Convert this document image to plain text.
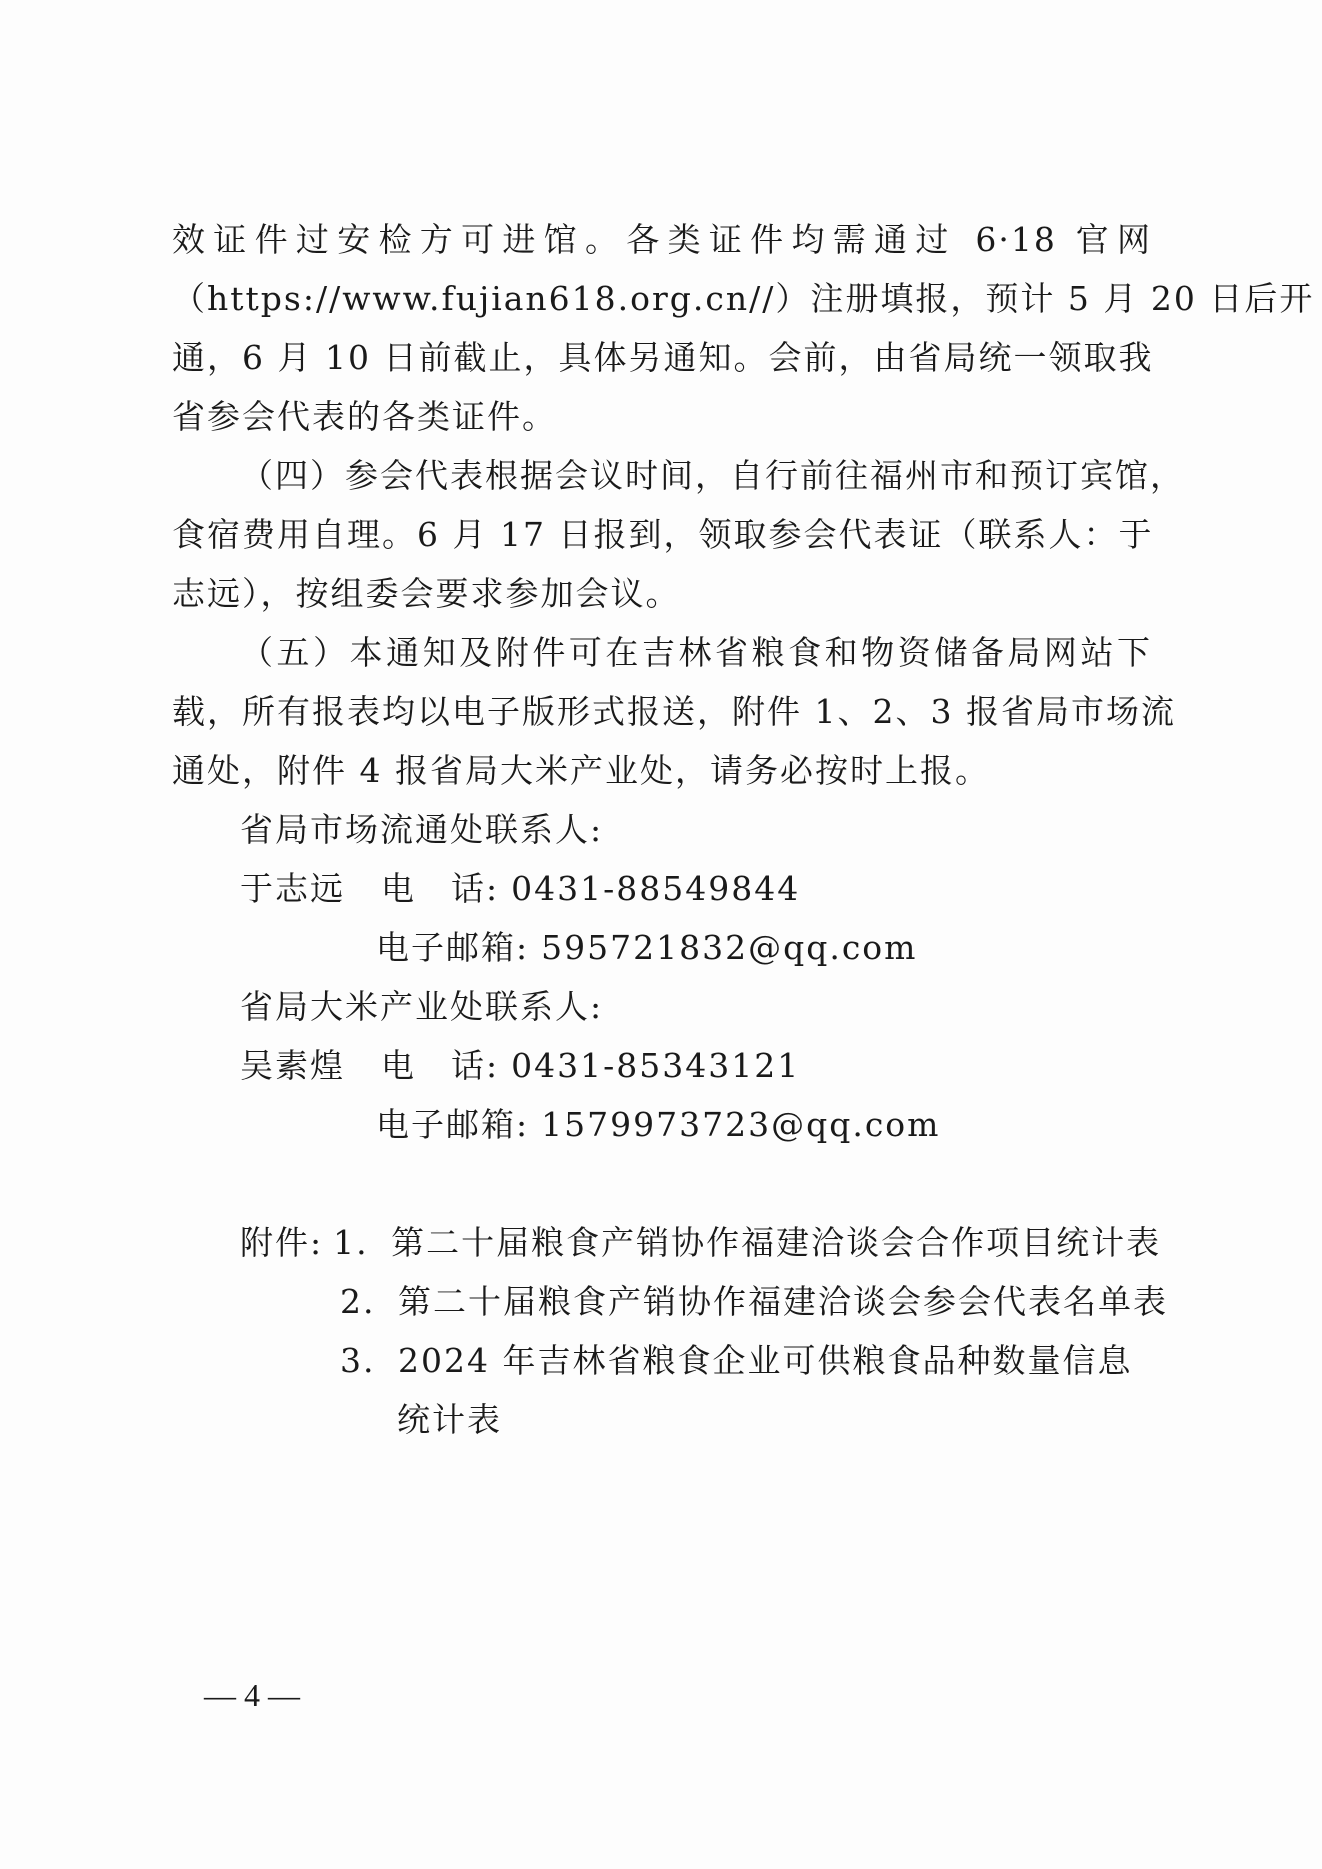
效证件过安检方可进馆。各类证件均需通过 6·18 官网
（https://www.fujian618.org.cn//）注册填报，预计 5 月 20 日后开
通，6 月 10 日前截止，具体另通知。会前，由省局统一领取我
省参会代表的各类证件。
（四）参会代表根据会议时间，自行前往福州市和预订宾馆，
食宿费用自理。6 月 17 日报到，领取参会代表证（联系人：于
志远），按组委会要求参加会议。
（五）本通知及附件可在吉林省粮食和物资储备局网站下
载，所有报表均以电子版形式报送，附件 1、2、3 报省局市场流
通处，附件 4 报省局大米产业处，请务必按时上报。
省局市场流通处联系人:
于志远 电　话: 0431-88549844
电子邮箱: 595721832@qq.com
省局大米产业处联系人:
吴素煌 电　话: 0431-85343121
电子邮箱: 1579973723@qq.com
附件: 1. 第二十届粮食产销协作福建洽谈会合作项目统计表
2. 第二十届粮食产销协作福建洽谈会参会代表名单表
3. 2024 年吉林省粮食企业可供粮食品种数量信息
统计表
— 4 —
